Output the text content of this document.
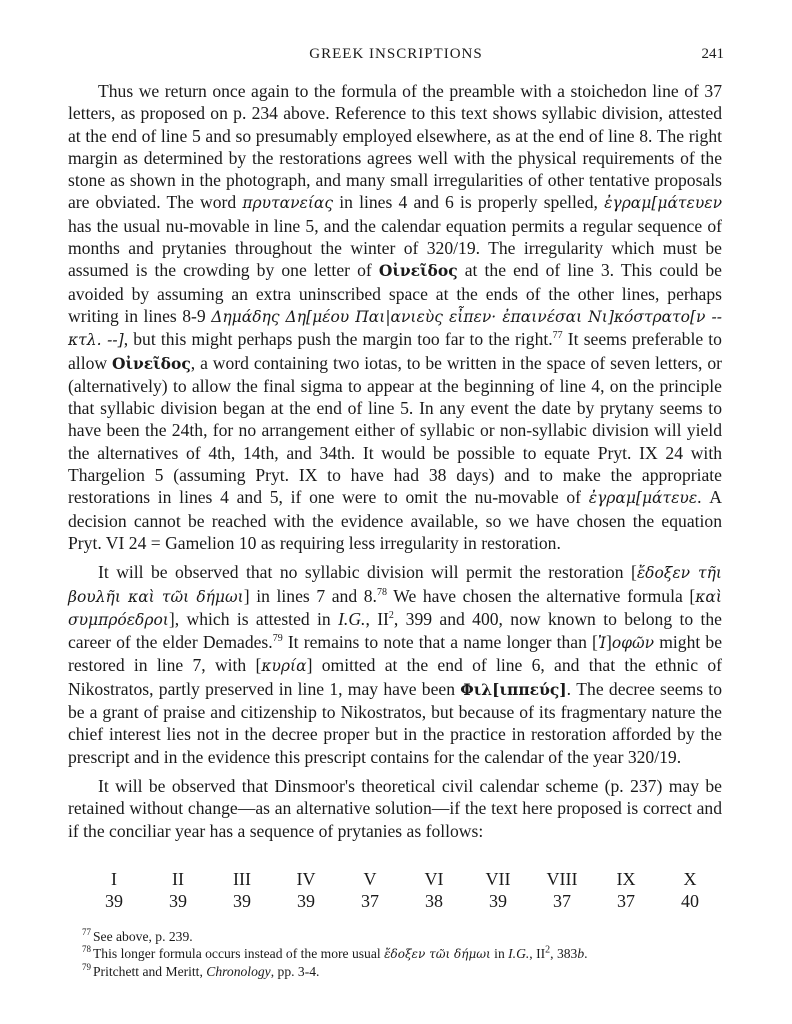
GREEK INSCRIPTIONS	241

Thus we return once again to the formula of the preamble with a stoichedon line of 37 letters, as proposed on p. 234 above. Reference to this text shows syllabic division, attested at the end of line 5 and so presumably employed elsewhere, as at the end of line 8. The right margin as determined by the restorations agrees well with the physical requirements of the stone as shown in the photograph, and many small irregularities of other tentative proposals are obviated. The word πρυτανείας in lines 4 and 6 is properly spelled, ἐγραμ[μάτευεν has the usual nu-movable in line 5, and the calendar equation permits a regular sequence of months and prytanies throughout the winter of 320/19. The irregularity which must be assumed is the crowding by one letter of Οἰνεῖδος at the end of line 3. This could be avoided by assuming an extra uninscribed space at the ends of the other lines, perhaps writing in lines 8-9 Δημάδης Δη[μέου Παι|ανιεὺς εἶπεν· ἐπαινέσαι Νι]κόστρατο[ν -- κτλ. --], but this might perhaps push the margin too far to the right.$^{77}$ It seems preferable to allow Οἰνεῖδος, a word containing two iotas, to be written in the space of seven letters, or (alternatively) to allow the final sigma to appear at the beginning of line 4, on the principle that syllabic division began at the end of line 5. In any event the date by prytany seems to have been the 24th, for no arrangement either of syllabic or non-syllabic division will yield the alternatives of 4th, 14th, and 34th. It would be possible to equate Pryt. IX 24 with Thargelion 5 (assuming Pryt. IX to have had 38 days) and to make the appropriate restorations in lines 4 and 5, if one were to omit the nu-movable of ἐγραμ[μάτευε. A decision cannot be reached with the evidence available, so we have chosen the equation Pryt. VI 24 = Gamelion 10 as requiring less irregularity in restoration.

It will be observed that no syllabic division will permit the restoration [ἔδοξεν τῆι βουλῆι καὶ τῶι δήμωι] in lines 7 and 8.78 We have chosen the alternative formula [καὶ συμπρόεδροι], which is attested in I.G., $II^2$, 399 and 400, now known to belong to the career of the elder Demades.$^{79}$ It remains to note that a name longer than [Ἰ]οφῶν might be restored in line 7, with [κυρία] omitted at the end of line 6, and that the ethnic of Nikostratos, partly preserved in line 1, may have been Φιλ[ιππεύς]. The decree seems to be a grant of praise and citizenship to Nikostratos, but because of its fragmentary nature the chief interest lies not in the decree proper but in the practice in restoration afforded by the prescript and in the evidence this prescript contains for the calendar of the year 320/19.

It will be observed that Dinsmoor's theoretical civil calendar scheme (p. 237) may be retained without change—as an alternative solution—if the text here proposed is correct and if the conciliar year has a sequence of prytanies as follows:

I	II	III	IV	V	VI	VII	VIII	IX	X
39	39	39	39	37	38	39	37	37	40
$^{77}$ See above, p. 239.
$^{78}$ This longer formula occurs instead of the more usual ἔδοξεν τῶι δήμωι in I.G., $II^2$, 383b.
$^{79}$ Pritchett and Meritt, Chronology, pp. 3-4.
